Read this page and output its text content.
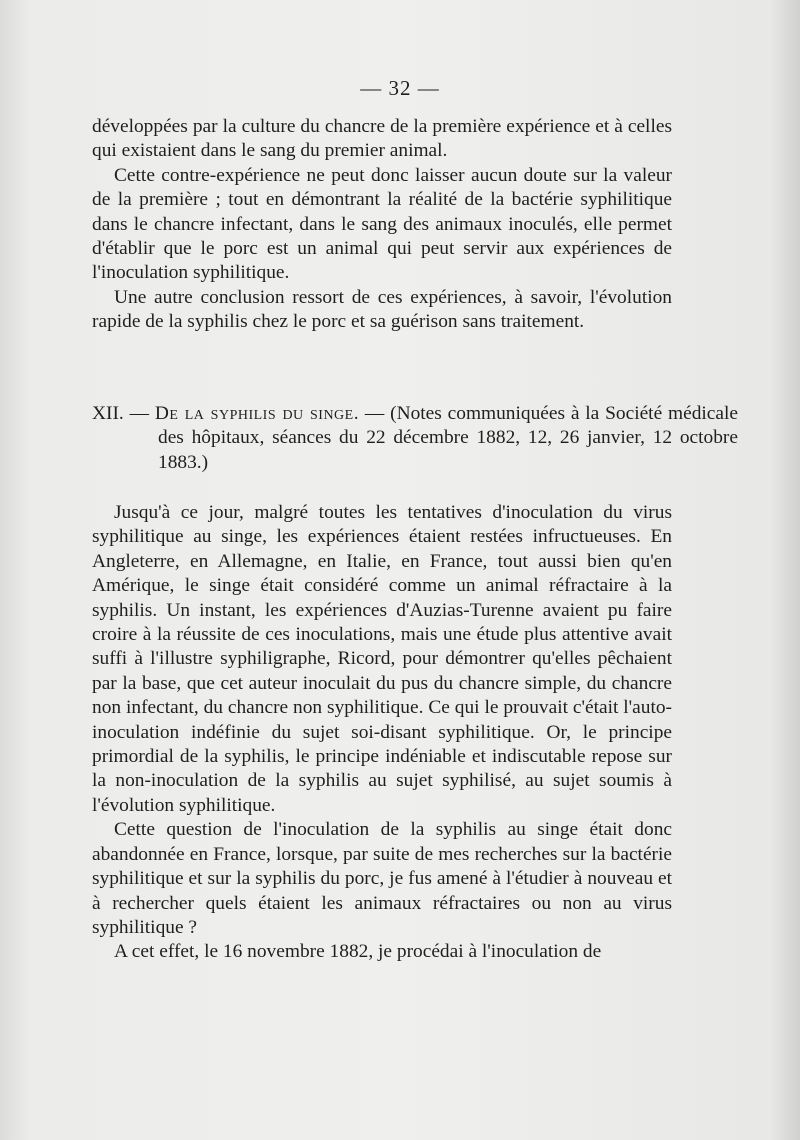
— 32 —

développées par la culture du chancre de la première expérience et à celles qui existaient dans le sang du premier animal.

Cette contre-expérience ne peut donc laisser aucun doute sur la valeur de la première ; tout en démontrant la réalité de la bactérie syphilitique dans le chancre infectant, dans le sang des animaux inoculés, elle permet d'établir que le porc est un animal qui peut servir aux expériences de l'inoculation syphilitique.

Une autre conclusion ressort de ces expériences, à savoir, l'évolution rapide de la syphilis chez le porc et sa guérison sans traitement.

XII. — De la syphilis du singe. — (Notes communiquées à la Société médicale des hôpitaux, séances du 22 décembre 1882, 12, 26 janvier, 12 octobre 1883.)

Jusqu'à ce jour, malgré toutes les tentatives d'inoculation du virus syphilitique au singe, les expériences étaient restées infructueuses. En Angleterre, en Allemagne, en Italie, en France, tout aussi bien qu'en Amérique, le singe était considéré comme un animal réfractaire à la syphilis. Un instant, les expériences d'Auzias-Turenne avaient pu faire croire à la réussite de ces inoculations, mais une étude plus attentive avait suffi à l'illustre syphiligraphe, Ricord, pour démontrer qu'elles pêchaient par la base, que cet auteur inoculait du pus du chancre simple, du chancre non infectant, du chancre non syphilitique. Ce qui le prouvait c'était l'auto-inoculation indéfinie du sujet soi-disant syphilitique. Or, le principe primordial de la syphilis, le principe indéniable et indiscutable repose sur la non-inoculation de la syphilis au sujet syphilisé, au sujet soumis à l'évolution syphilitique.

Cette question de l'inoculation de la syphilis au singe était donc abandonnée en France, lorsque, par suite de mes recherches sur la bactérie syphilitique et sur la syphilis du porc, je fus amené à l'étudier à nouveau et à rechercher quels étaient les animaux réfractaires ou non au virus syphilitique ?

A cet effet, le 16 novembre 1882, je procédai à l'inoculation de
